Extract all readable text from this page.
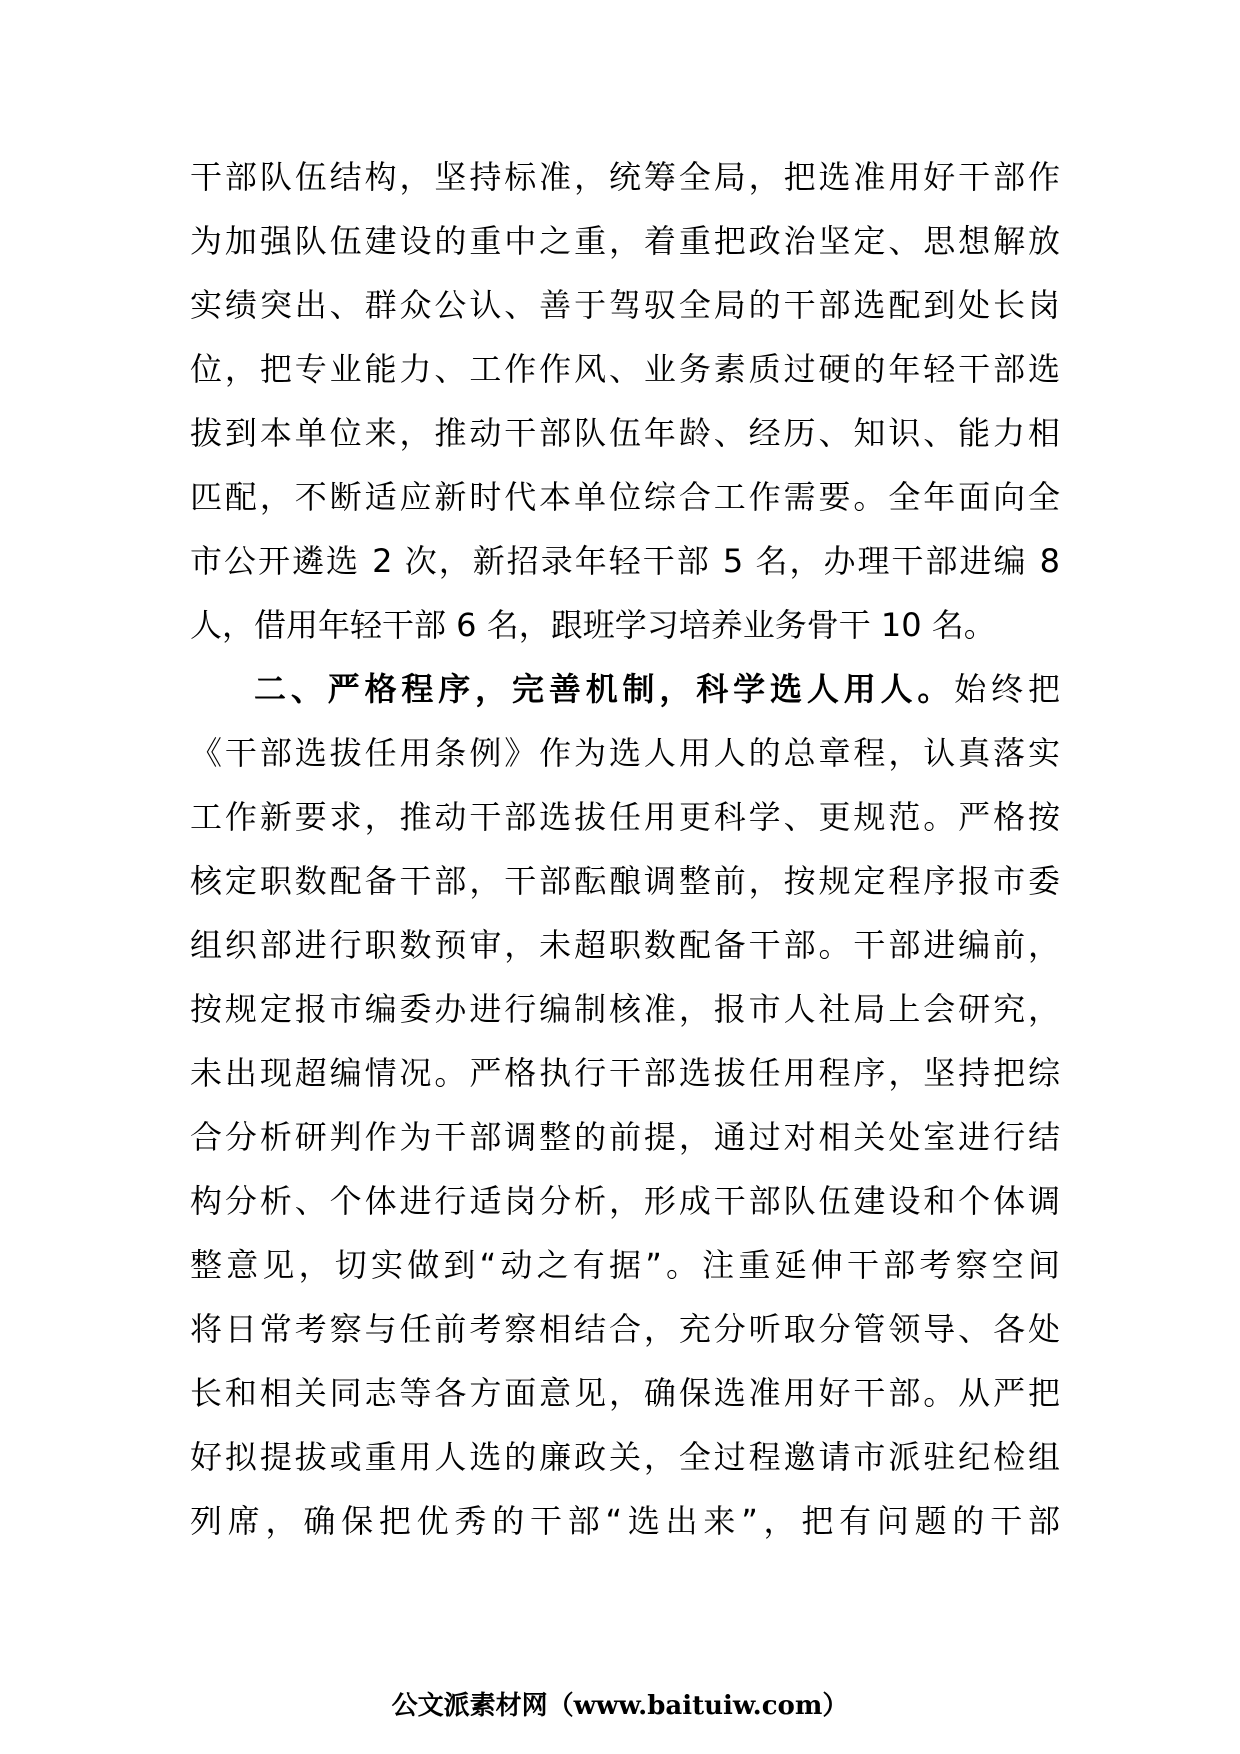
干部队伍结构，坚持标准，统筹全局，把选准用好干部作
为加强队伍建设的重中之重，着重把政治坚定、思想解放
实绩突出、群众公认、善于驾驭全局的干部选配到处长岗
位，把专业能力、工作作风、业务素质过硬的年轻干部选
拔到本单位来，推动干部队伍年龄、经历、知识、能力相
匹配，不断适应新时代本单位综合工作需要。全年面向全
市公开遴选 2 次，新招录年轻干部 5 名，办理干部进编 8
人，借用年轻干部 6 名，跟班学习培养业务骨干 10 名。
二、严格程序，完善机制，科学选人用人。始终把
《干部选拔任用条例》作为选人用人的总章程，认真落实
工作新要求，推动干部选拔任用更科学、更规范。严格按
核定职数配备干部，干部酝酿调整前，按规定程序报市委
组织部进行职数预审，未超职数配备干部。干部进编前，
按规定报市编委办进行编制核准，报市人社局上会研究，
未出现超编情况。严格执行干部选拔任用程序，坚持把综
合分析研判作为干部调整的前提，通过对相关处室进行结
构分析、个体进行适岗分析，形成干部队伍建设和个体调
整意见，切实做到“动之有据”。注重延伸干部考察空间
将日常考察与任前考察相结合，充分听取分管领导、各处
长和相关同志等各方面意见，确保选准用好干部。从严把
好拟提拔或重用人选的廉政关，全过程邀请市派驻纪检组
列席，确保把优秀的干部“选出来”，把有问题的干部
公文派素材网（www.baituiw.com）
